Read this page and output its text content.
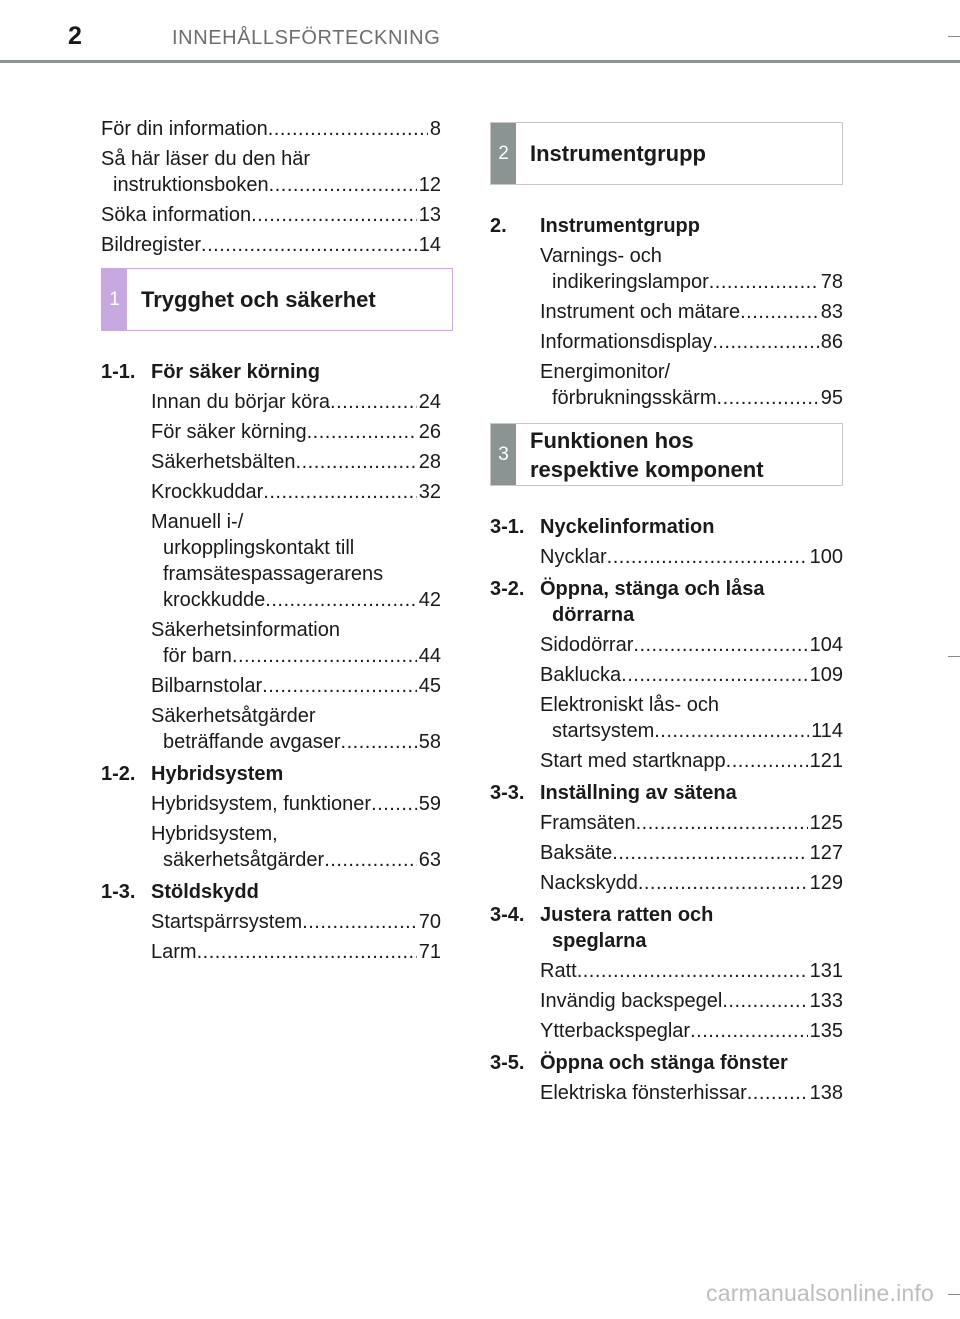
2	INNEHÅLLSFÖRTECKNING
För din information .....	8
Så här läser du den här
instruktionsboken .....	12
Söka information .....	13
Bildregister .....	14
1 Trygghet och säkerhet
1-1. För säker körning
Innan du börjar köra .....	24
För säker körning .....	26
Säkerhetsbälten .....	28
Krockkuddar .....	32
Manuell i-/
urkopplingskontakt till
framsätespassagerarens
krockkudde .....	42
Säkerhetsinformation
för barn .....	44
Bilbarnstolar .....	45
Säkerhetsåtgärder
beträffande avgaser .....	58
1-2. Hybridsystem
Hybridsystem, funktioner ..... 59
Hybridsystem,
säkerhetsåtgärder .....	63
1-3. Stöldskydd
Startspärrsystem .....	70
Larm .....	71
2 Instrumentgrupp
2.	Instrumentgrupp
Varnings- och
indikeringslampor .....	78
Instrument och mätare .....	83
Informationsdisplay .....	86
Energimonitor/
förbrukningsskärm .....	95
3
Funktionen hos
respektive komponent
3-1. Nyckelinformation
Nycklar .....	100
3-2. Öppna, stänga och låsa
dörrarna
Sidodörrar .....	104
Baklucka .....	109
Elektroniskt lås- och
startsystem .....	114
Start med startknapp .....	121
3-3. Inställning av sätena
Framsäten .....	125
Baksäte .....	127
Nackskydd .....	129
3-4. Justera ratten och
speglarna
Ratt .....	131
Invändig backspegel .....	133
Ytterbackspeglar .....	135
3-5. Öppna och stänga fönster
Elektriska fönsterhissar .....	138
carmanualsonline.info
